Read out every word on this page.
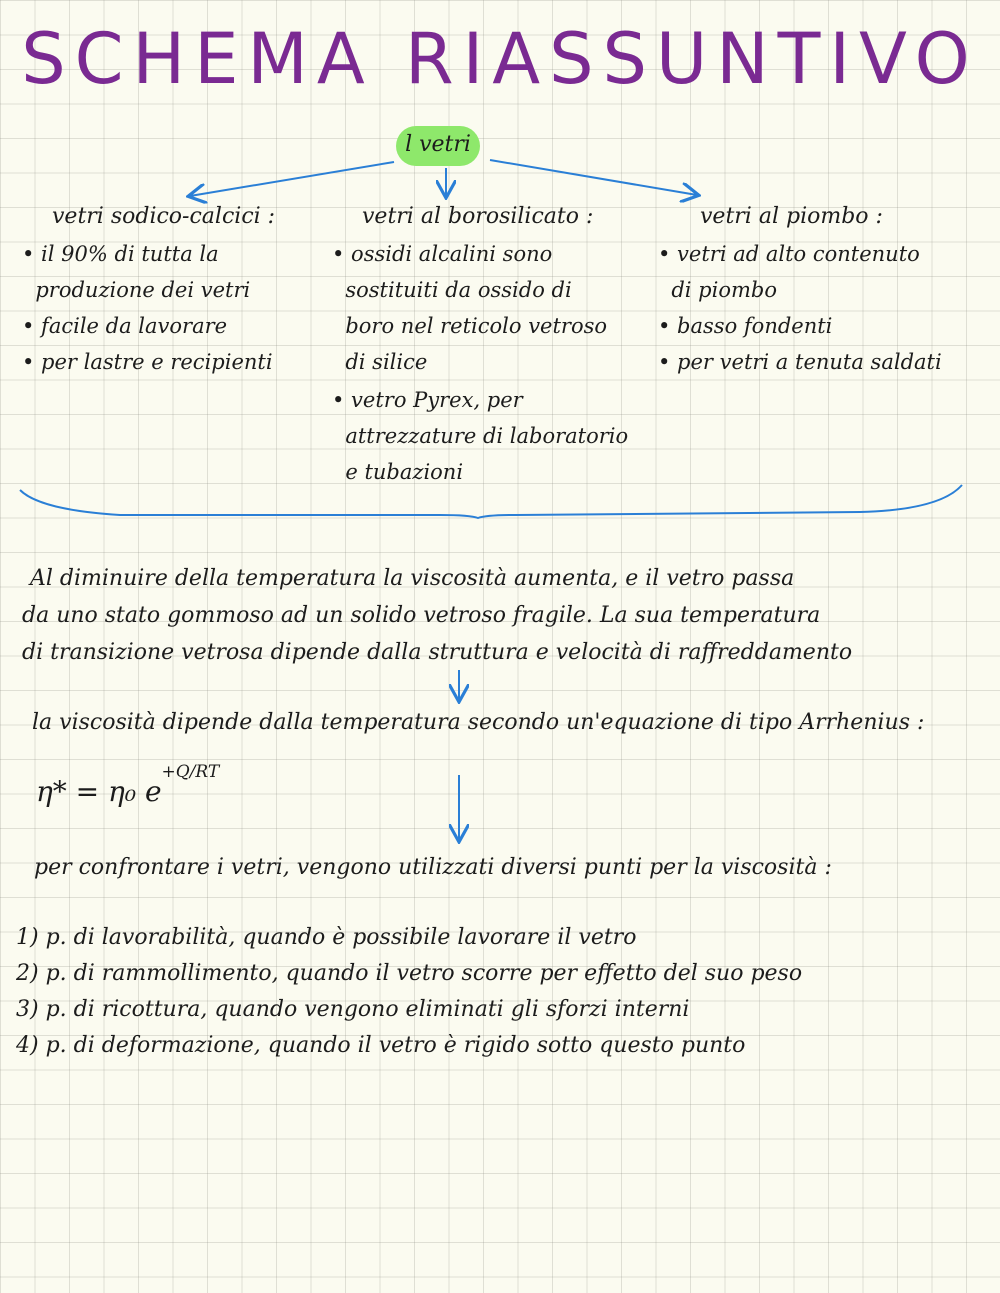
SCHEMA RIASSUNTIVO
l vetri
vetri sodico-calcici :
• il 90% di tutta la
produzione dei vetri
• facile da lavorare
• per lastre e recipienti
vetri al borosilicato :
• ossidi alcalini sono
sostituiti da ossido di
boro nel reticolo vetroso
di silice
• vetro Pyrex, per
attrezzature di laboratorio
e tubazioni
vetri al piombo :
• vetri ad alto contenuto
di piombo
• basso fondenti
• per vetri a tenuta saldati
Al diminuire della temperatura la viscosità aumenta, e il vetro passa
da uno stato gommoso ad un solido vetroso fragile. La sua temperatura
di transizione vetrosa dipende dalla struttura e velocità di raffreddamento
la viscosità dipende dalla temperatura secondo un'equazione di tipo Arrhenius :
η* = η₀ $e^{+Q/RT}$
per confrontare i vetri, vengono utilizzati diversi punti per la viscosità :
1) p. di lavorabilità, quando è possibile lavorare il vetro
2) p. di rammollimento, quando il vetro scorre per effetto del suo peso
3) p. di ricottura, quando vengono eliminati gli sforzi interni
4) p. di deformazione, quando il vetro è rigido sotto questo punto
